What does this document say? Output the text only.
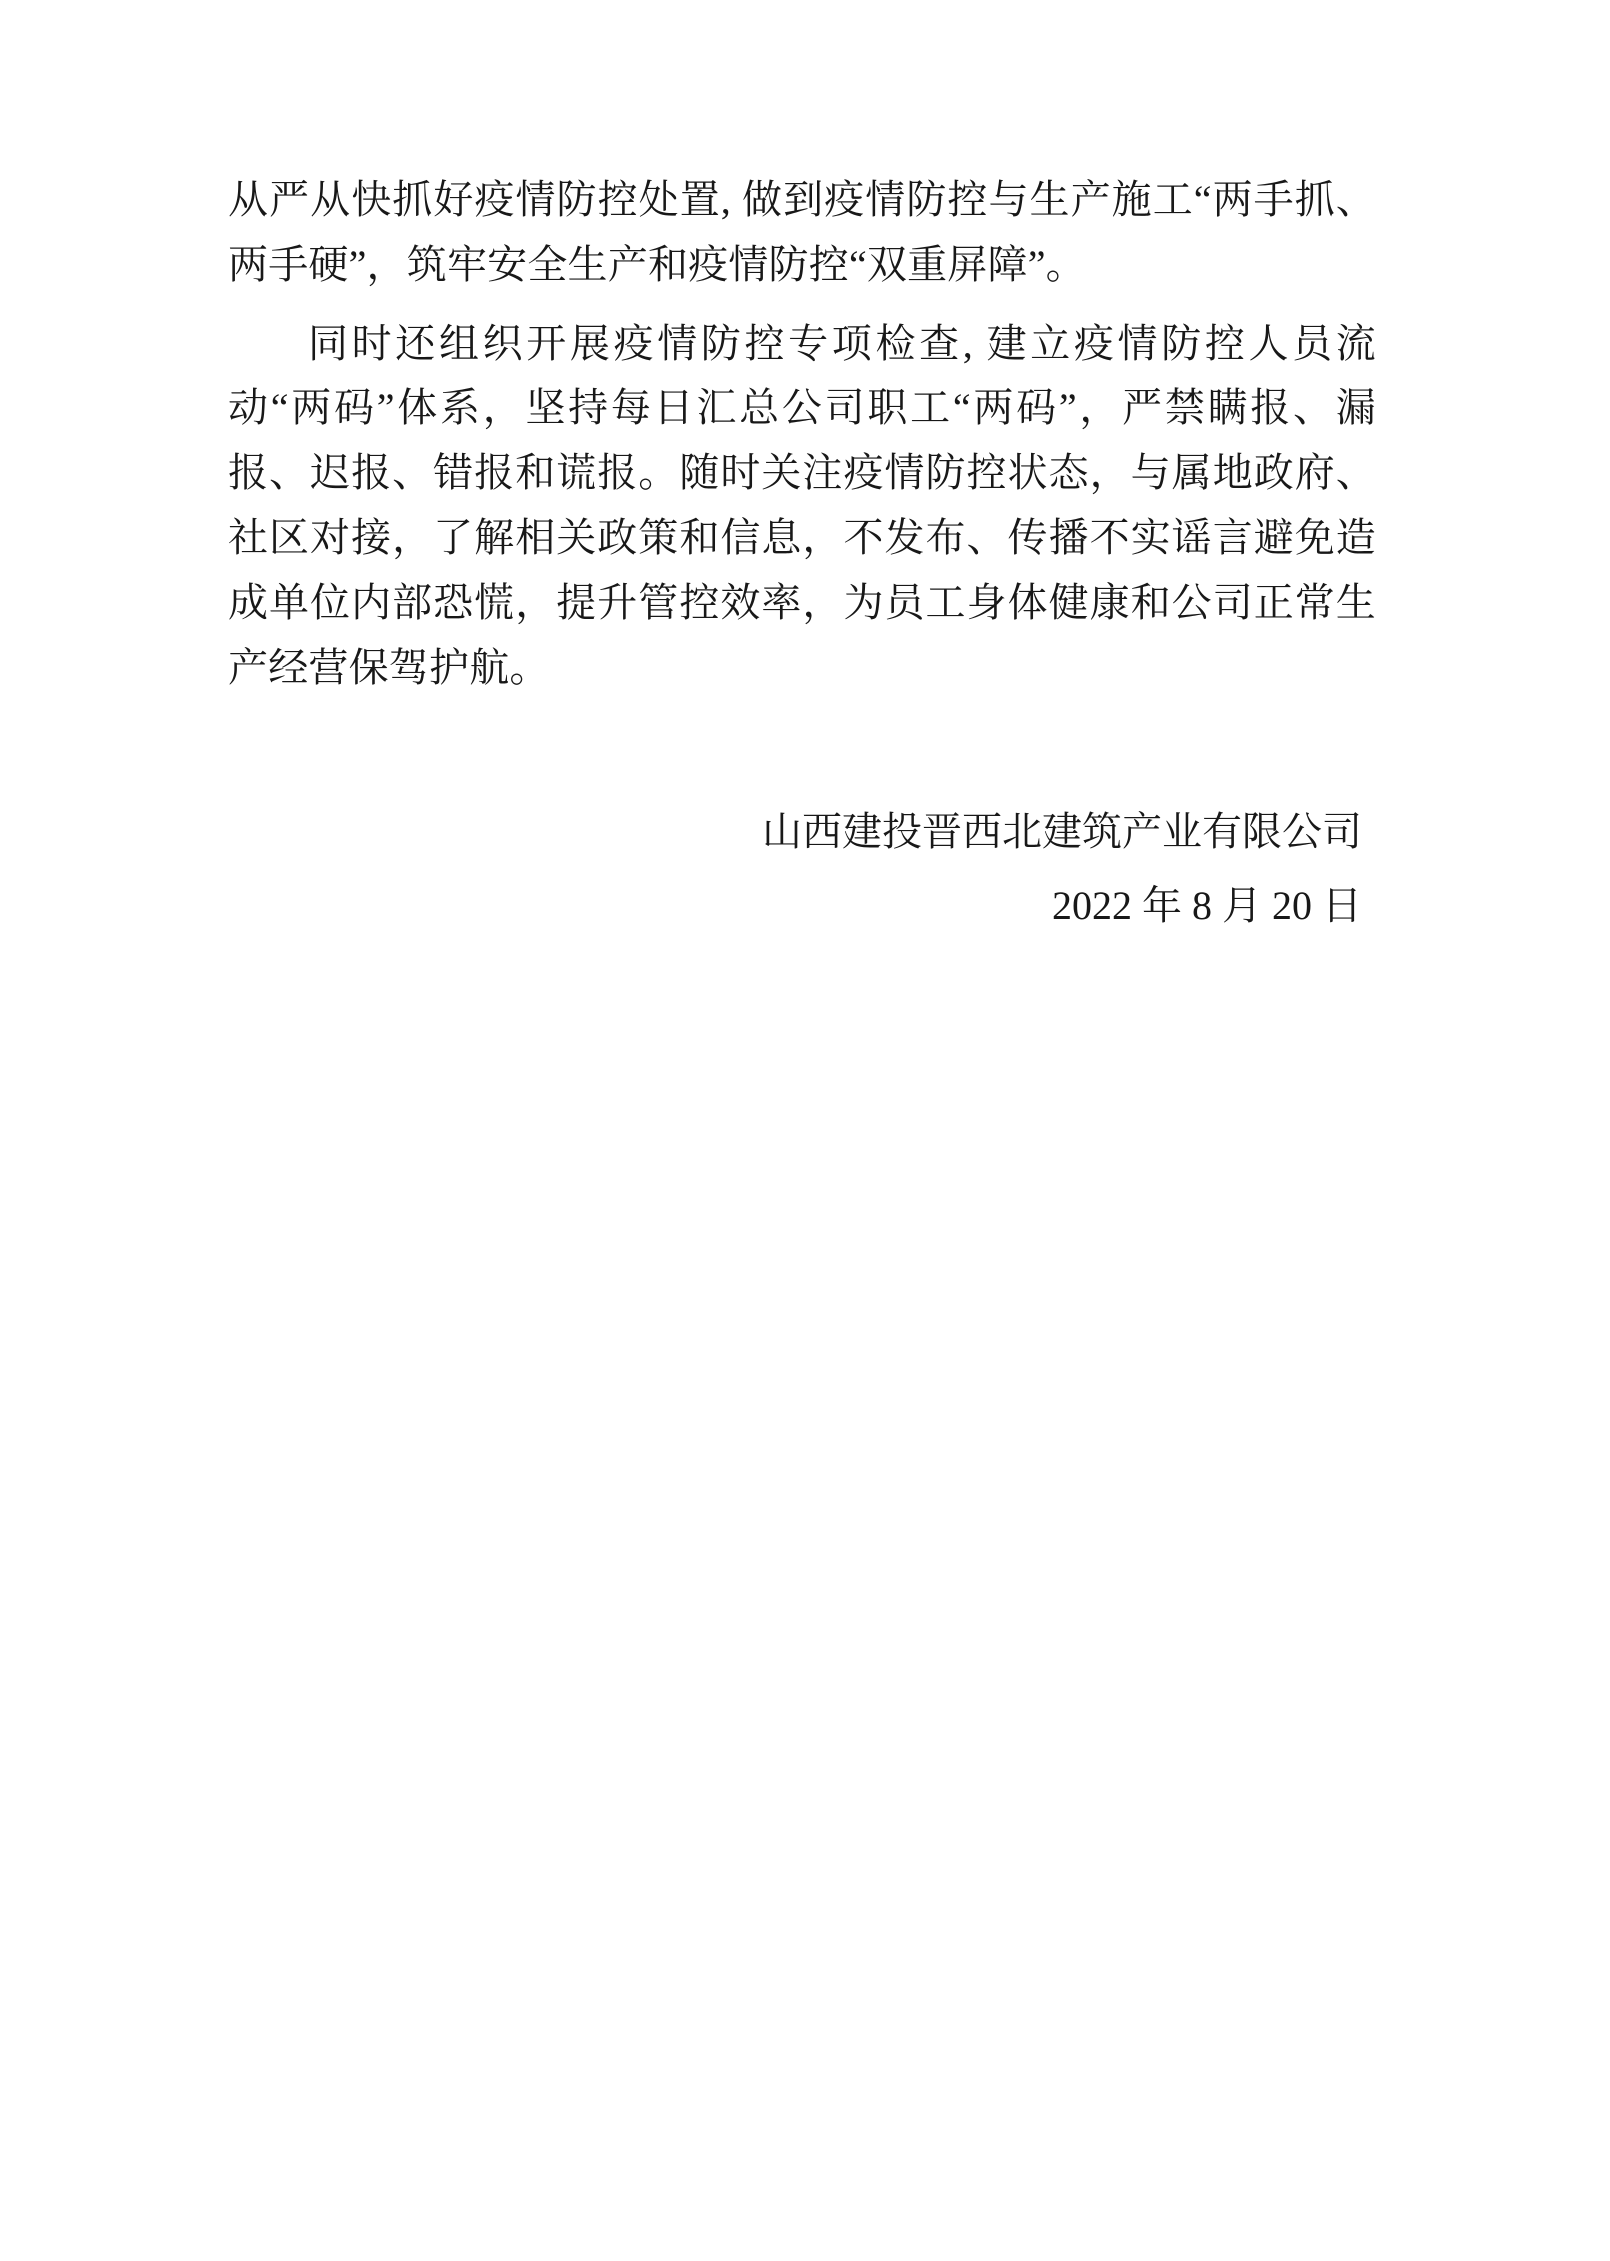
从严从快抓好疫情防控处置, 做到疫情防控与生产施工“两手抓、两手硬”，筑牢安全生产和疫情防控“双重屏障”。

同时还组织开展疫情防控专项检查, 建立疫情防控人员流动“两码”体系，坚持每日汇总公司职工“两码”，严禁瞒报、漏报、迟报、错报和谎报。随时关注疫情防控状态，与属地政府、社区对接，了解相关政策和信息，不发布、传播不实谣言避免造成单位内部恐慌，提升管控效率，为员工身体健康和公司正常生产经营保驾护航。

山西建投晋西北建筑产业有限公司
2022 年 8 月 20 日
